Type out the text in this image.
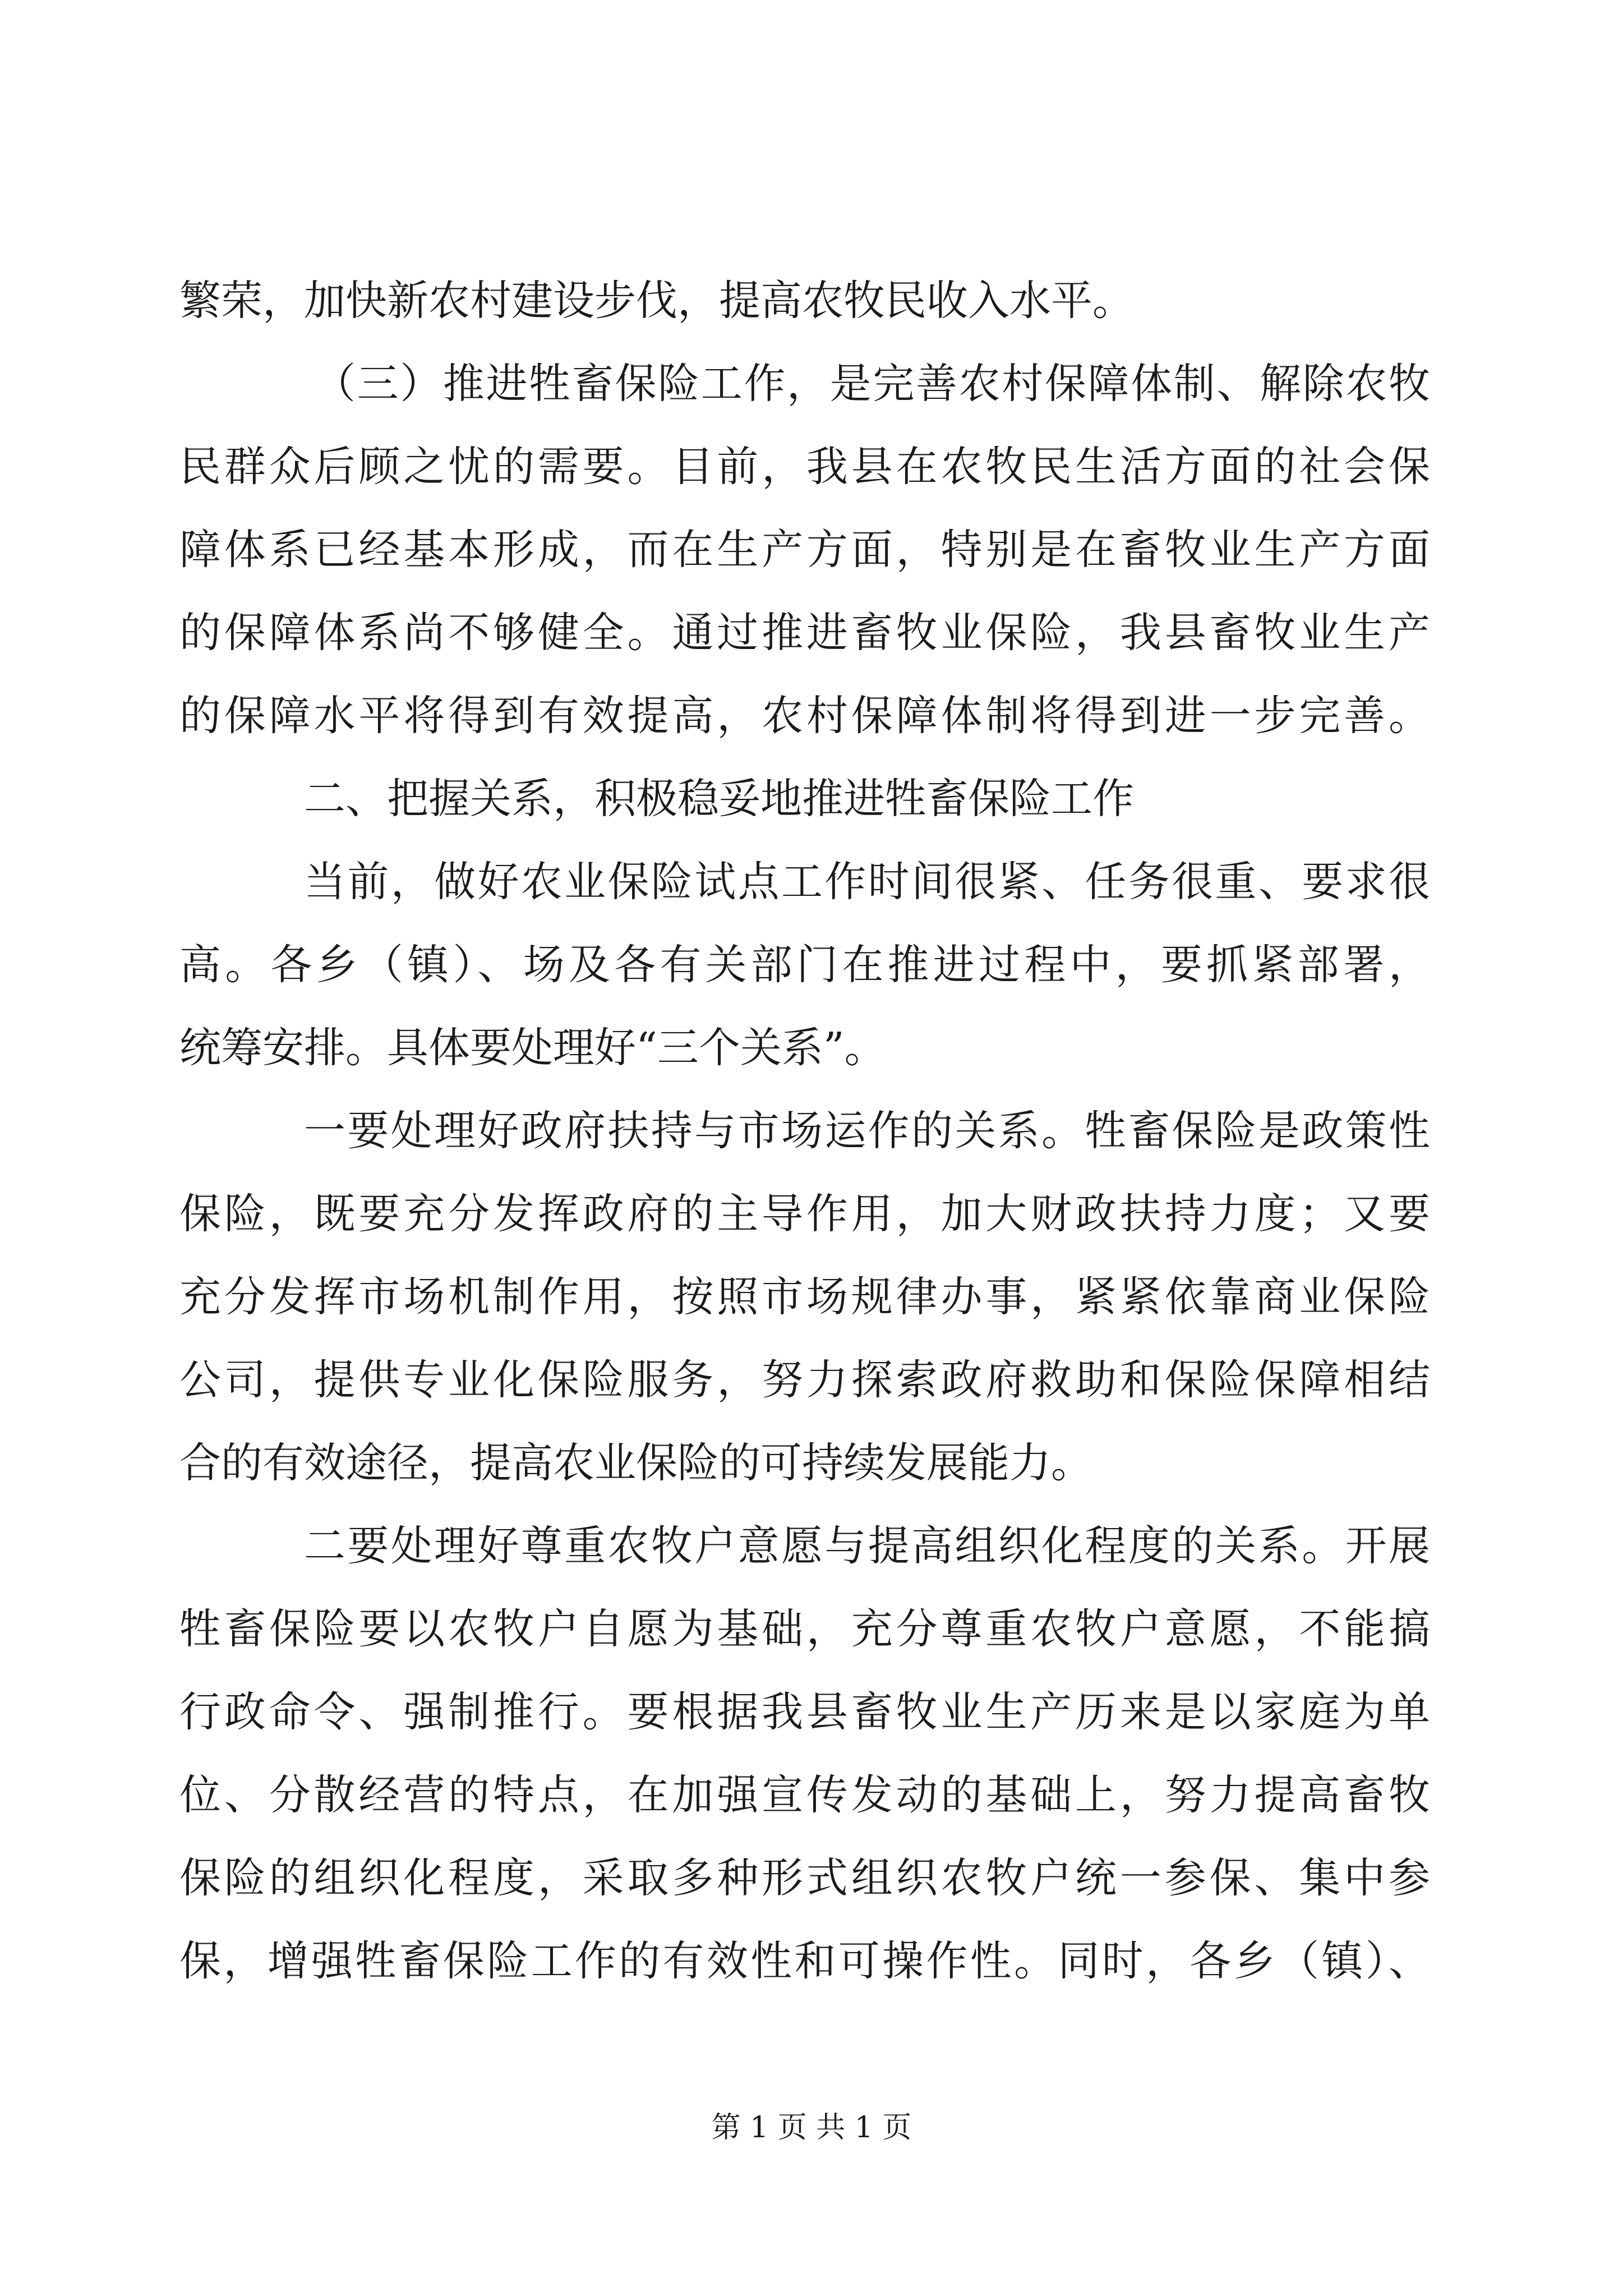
繁荣，加快新农村建设步伐，提高农牧民收入水平。
（三）推进牲畜保险工作，是完善农村保障体制、解除农牧
民群众后顾之忧的需要。目前，我县在农牧民生活方面的社会保
障体系已经基本形成，而在生产方面，特别是在畜牧业生产方面
的保障体系尚不够健全。通过推进畜牧业保险，我县畜牧业生产
的保障水平将得到有效提高，农村保障体制将得到进一步完善。
二、把握关系，积极稳妥地推进牲畜保险工作
当前，做好农业保险试点工作时间很紧、任务很重、要求很
高。各乡（镇）、场及各有关部门在推进过程中，要抓紧部署，
统筹安排。具体要处理好“三个关系”。
一要处理好政府扶持与市场运作的关系。牲畜保险是政策性
保险，既要充分发挥政府的主导作用，加大财政扶持力度；又要
充分发挥市场机制作用，按照市场规律办事，紧紧依靠商业保险
公司，提供专业化保险服务，努力探索政府救助和保险保障相结
合的有效途径，提高农业保险的可持续发展能力。
二要处理好尊重农牧户意愿与提高组织化程度的关系。开展
牲畜保险要以农牧户自愿为基础，充分尊重农牧户意愿，不能搞
行政命令、强制推行。要根据我县畜牧业生产历来是以家庭为单
位、分散经营的特点，在加强宣传发动的基础上，努力提高畜牧
保险的组织化程度，采取多种形式组织农牧户统一参保、集中参
保，增强牲畜保险工作的有效性和可操作性。同时，各乡（镇）、
第 1 页 共 1 页
